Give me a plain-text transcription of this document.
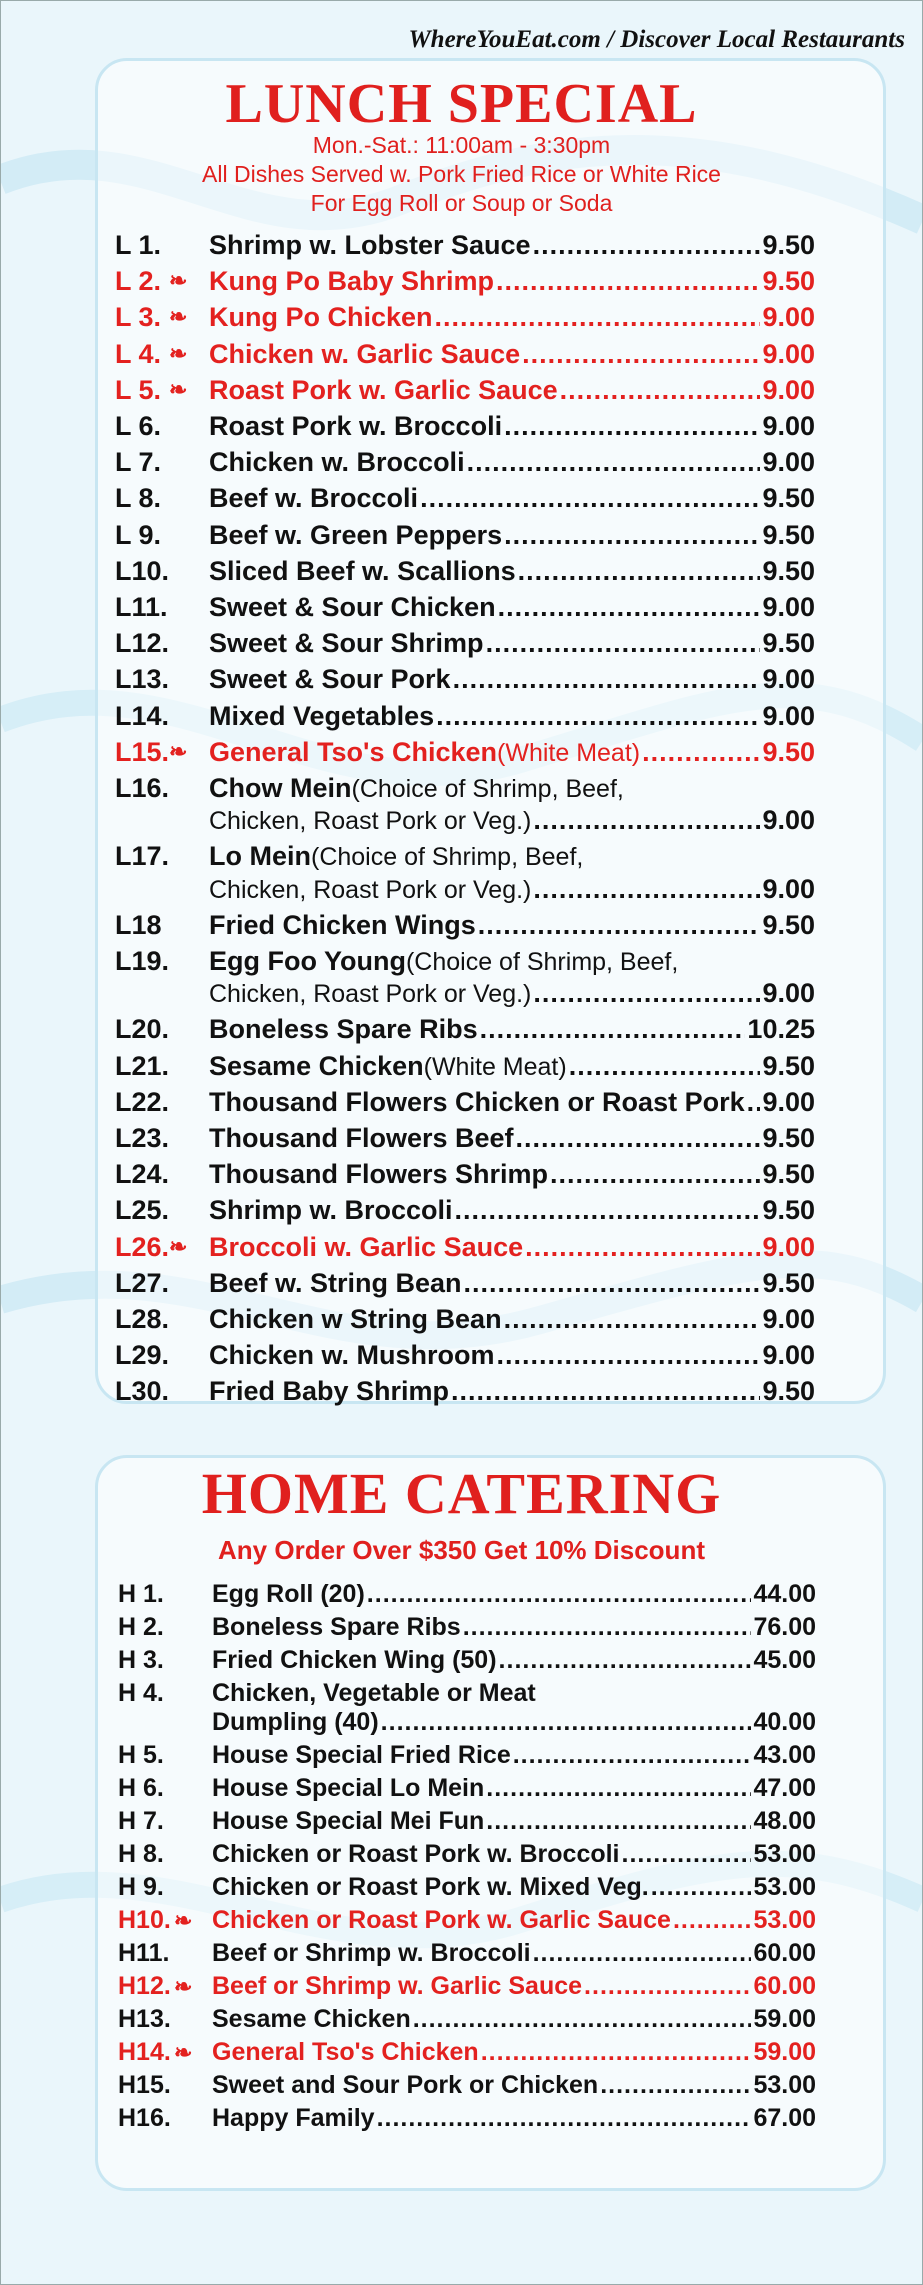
WhereYouEat.com / Discover Local Restaurants
LUNCH SPECIAL
Mon.-Sat.: 11:00am - 3:30pm
All Dishes Served w. Pork Fried Rice or White Rice
For Egg Roll or Soup or Soda
L 1. Shrimp w. Lobster Sauce .....	9.50
L 2. ❧ Kung Po Baby Shrimp .....	9.50
L 3. ❧ Kung Po Chicken .....	9.00
L 4. ❧ Chicken w. Garlic Sauce .....	9.00
L 5. ❧ Roast Pork w. Garlic Sauce .....	9.00
L 6. Roast Pork w. Broccoli .....	9.00
L 7. Chicken w. Broccoli .....	9.00
L 8. Beef w. Broccoli .....	9.50
L 9. Beef w. Green Peppers .....	9.50
L10. Sliced Beef w. Scallions .....	9.50
L11. Sweet & Sour Chicken .....	9.00
L12. Sweet & Sour Shrimp .....	9.50
L13. Sweet & Sour Pork .....	9.00
L14. Mixed Vegetables .....	9.00
L15. ❧ General Tso's Chicken (White Meat) .....	9.50
L16. Chow Mein (Choice of Shrimp, Beef,
Chicken, Roast Pork or Veg.) .....	9.00
L17. Lo Mein (Choice of Shrimp, Beef,
Chicken, Roast Pork or Veg.) .....	9.00
L18 Fried Chicken Wings .....	9.50
L19. Egg Foo Young (Choice of Shrimp, Beef,
Chicken, Roast Pork or Veg.) .....	9.00
L20. Boneless Spare Ribs .....	10.25
L21. Sesame Chicken (White Meat) .....	9.50
L22. Thousand Flowers Chicken or Roast Pork ..... 9.00
L23. Thousand Flowers Beef .....	9.50
L24. Thousand Flowers Shrimp .....	9.50
L25. Shrimp w. Broccoli .....	9.50
L26. ❧ Broccoli w. Garlic Sauce .....	9.00
L27. Beef w. String Bean .....	9.50
L28. Chicken w String Bean .....	9.00
L29. Chicken w. Mushroom .....	9.00
L30. Fried Baby Shrimp .....	9.50
HOME CATERING
Any Order Over $350 Get 10% Discount
H 1. Egg Roll (20) .....	44.00
H 2. Boneless Spare Ribs .....	76.00
H 3. Fried Chicken Wing (50) .....	45.00
H 4. Chicken, Vegetable or Meat
Dumpling (40) .....	40.00
H 5. House Special Fried Rice .....	43.00
H 6. House Special Lo Mein .....	47.00
H 7. House Special Mei Fun .....	48.00
H 8. Chicken or Roast Pork w. Broccoli .....	53.00
H 9. Chicken or Roast Pork w. Mixed Veg. .....	53.00
H10. ❧ Chicken or Roast Pork w. Garlic Sauce .....	53.00
H11. Beef or Shrimp w. Broccoli .....	60.00
H12. ❧ Beef or Shrimp w. Garlic Sauce .....	60.00
H13. Sesame Chicken .....	59.00
H14. ❧ General Tso's Chicken .....	59.00
H15. Sweet and Sour Pork or Chicken .....	53.00
H16. Happy Family .....	67.00
